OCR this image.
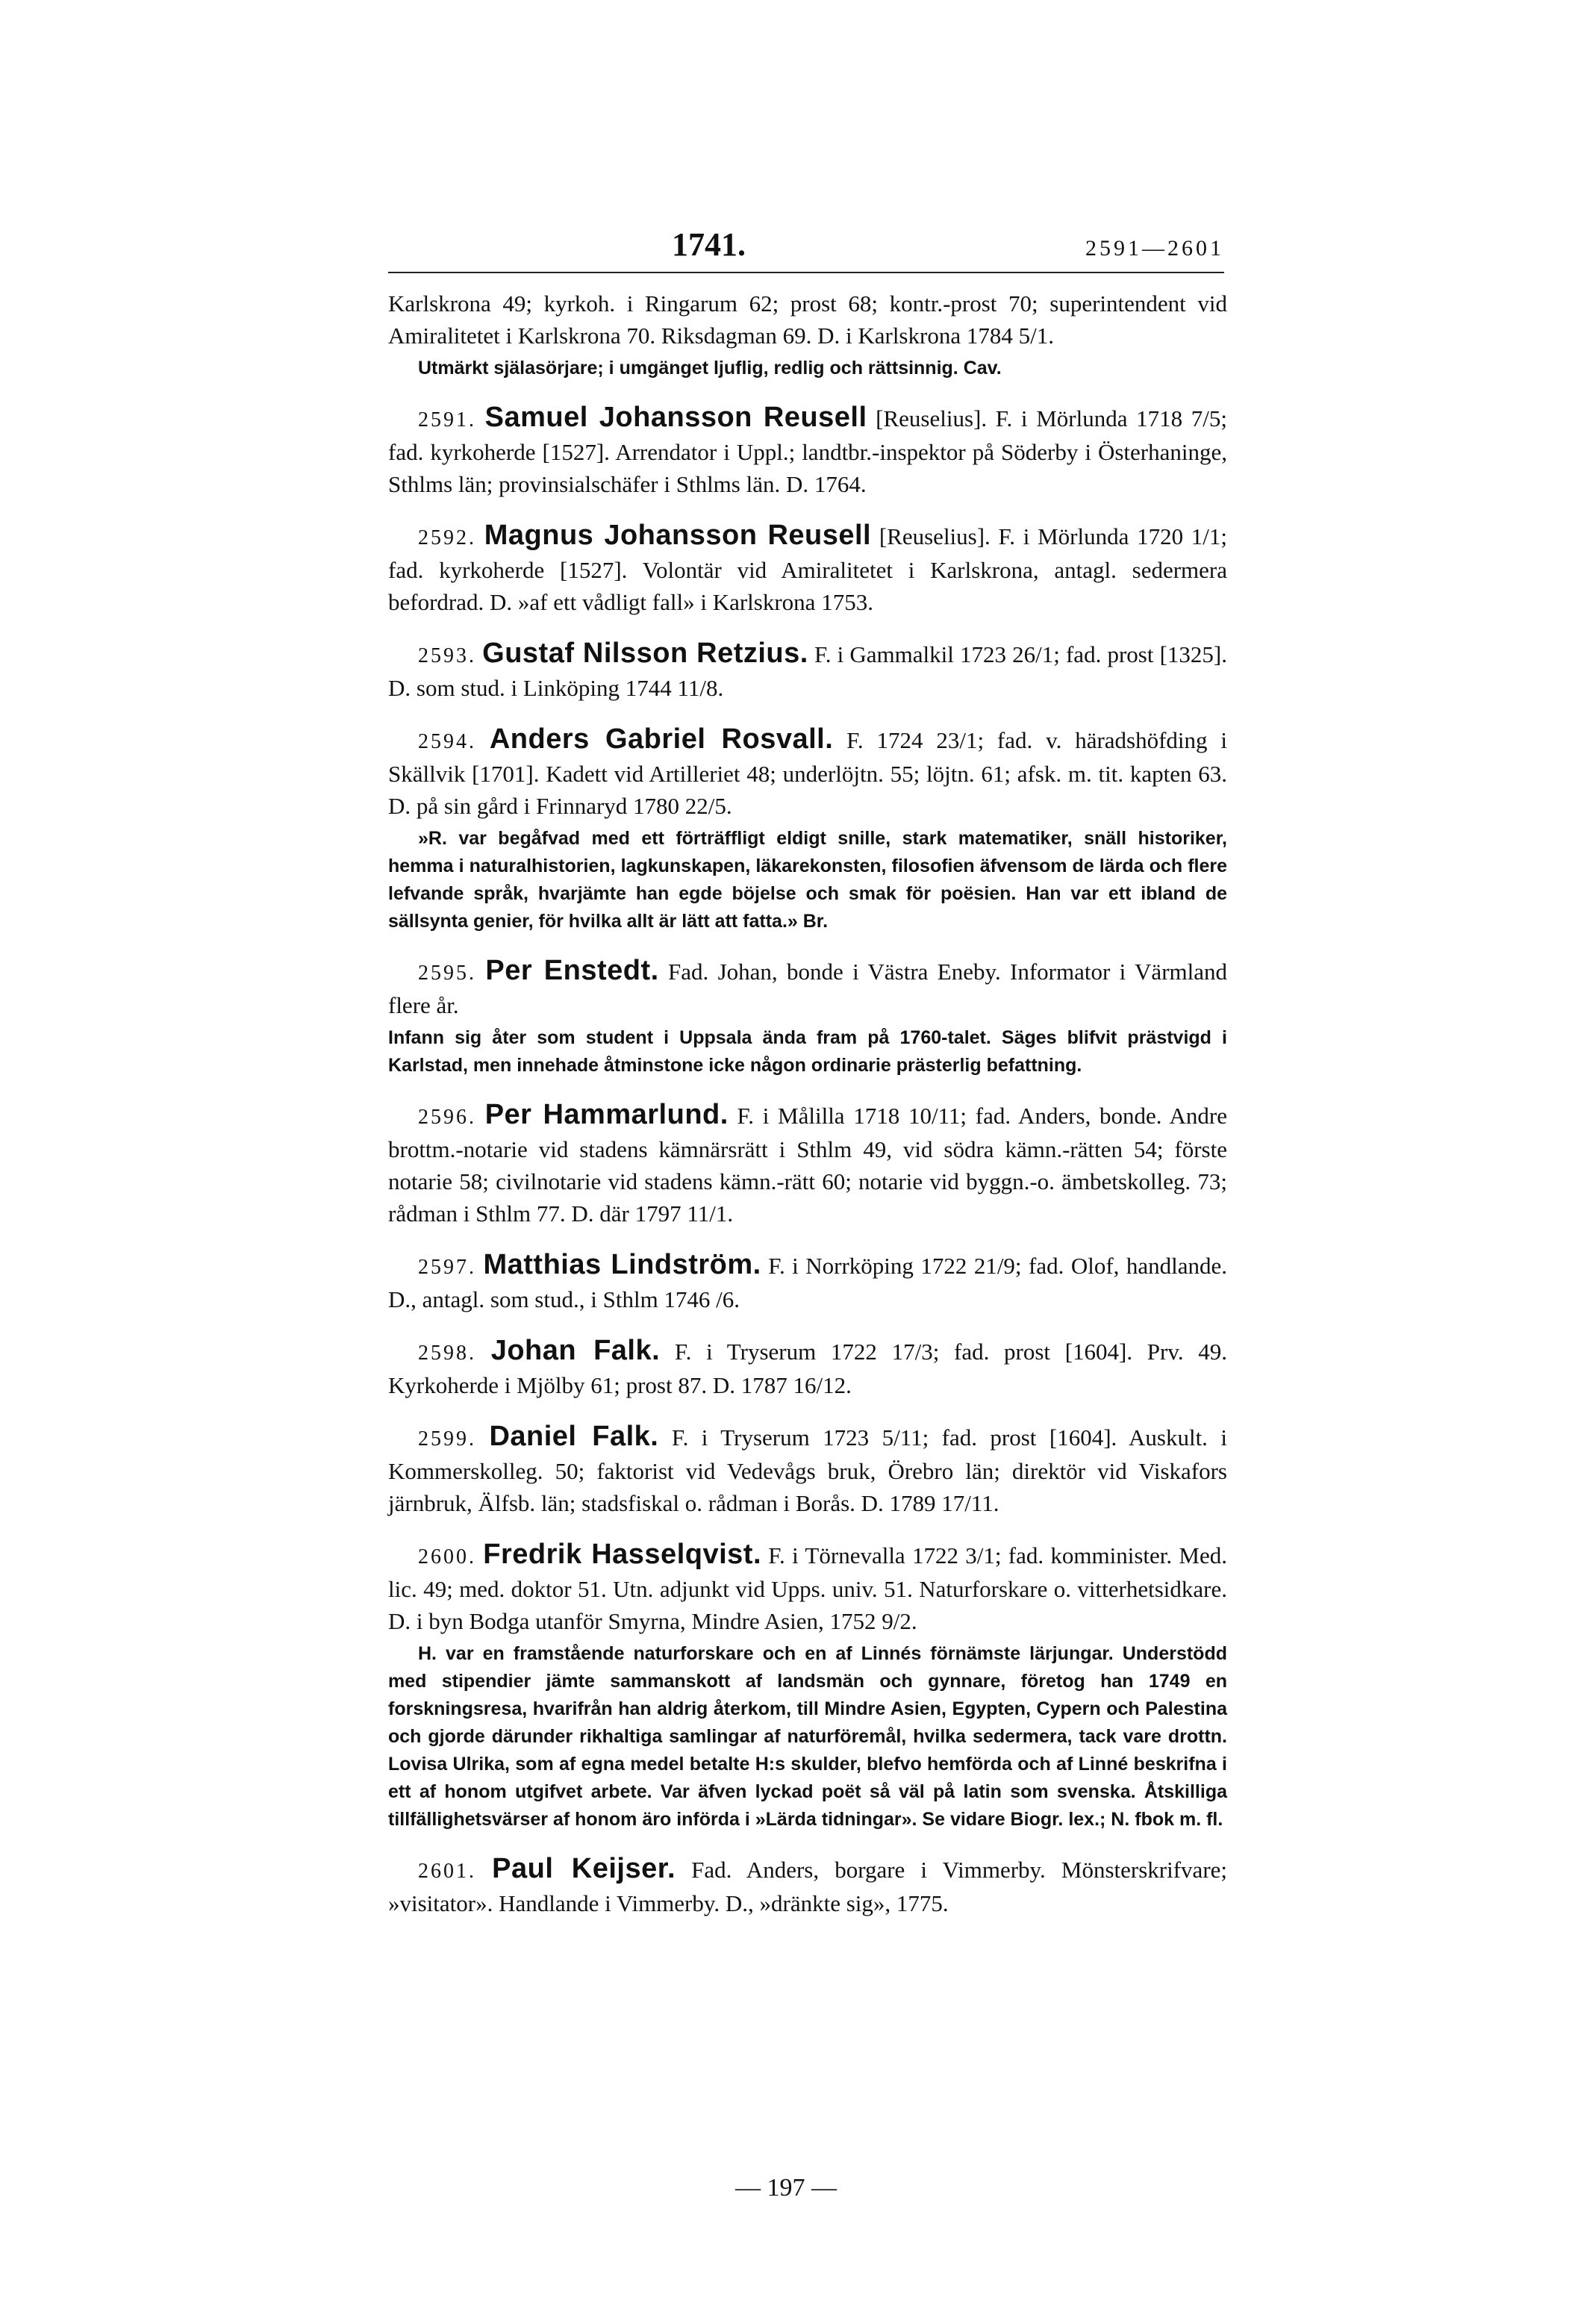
1741.	2591—2601

Karlskrona 49; kyrkoh. i Ringarum 62; prost 68; kontr.-prost 70; superintendent vid Amiralitetet i Karlskrona 70. Riksdagman 69. D. i Karlskrona 1784 5/1.

Utmärkt själasörjare; i umgänget ljuflig, redlig och rättsinnig. Cav.

2591. Samuel Johansson Reusell [Reuselius]. F. i Mörlunda 1718 7/5; fad. kyrkoherde [1527]. Arrendator i Uppl.; landtbr.-inspektor på Söderby i Österhaninge, Sthlms län; provinsialschäfer i Sthlms län. D. 1764.

2592. Magnus Johansson Reusell [Reuselius]. F. i Mörlunda 1720 1/1; fad. kyrkoherde [1527]. Volontär vid Amiralitetet i Karlskrona, antagl. sedermera befordrad. D. »af ett vådligt fall» i Karlskrona 1753.

2593. Gustaf Nilsson Retzius. F. i Gammalkil 1723 26/1; fad. prost [1325]. D. som stud. i Linköping 1744 11/8.

2594. Anders Gabriel Rosvall. F. 1724 23/1; fad. v. häradshöfding i Skällvik [1701]. Kadett vid Artilleriet 48; underlöjtn. 55; löjtn. 61; afsk. m. tit. kapten 63. D. på sin gård i Frinnaryd 1780 22/5.

»R. var begåfvad med ett förträffligt eldigt snille, stark matematiker, snäll historiker, hemma i naturalhistorien, lagkunskapen, läkarekonsten, filosofien äfvensom de lärda och flere lefvande språk, hvarjämte han egde böjelse och smak för poësien. Han var ett ibland de sällsynta genier, för hvilka allt är lätt att fatta.» Br.

2595. Per Enstedt. Fad. Johan, bonde i Västra Eneby. Informator i Värmland flere år.

Infann sig åter som student i Uppsala ända fram på 1760-talet. Säges blifvit prästvigd i Karlstad, men innehade åtminstone icke någon ordinarie prästerlig befattning.

2596. Per Hammarlund. F. i Målilla 1718 10/11; fad. Anders, bonde. Andre brottm.-notarie vid stadens kämnärsrätt i Sthlm 49, vid södra kämn.-rätten 54; förste notarie 58; civilnotarie vid stadens kämn.-rätt 60; notarie vid byggn.-o. ämbetskolleg. 73; rådman i Sthlm 77. D. där 1797 11/1.

2597. Matthias Lindström. F. i Norrköping 1722 21/9; fad. Olof, handlande. D., antagl. som stud., i Sthlm 1746 /6.

2598. Johan Falk. F. i Tryserum 1722 17/3; fad. prost [1604]. Prv. 49. Kyrkoherde i Mjölby 61; prost 87. D. 1787 16/12.

2599. Daniel Falk. F. i Tryserum 1723 5/11; fad. prost [1604]. Auskult. i Kommerskolleg. 50; faktorist vid Vedevågs bruk, Örebro län; direktör vid Viskafors järnbruk, Älfsb. län; stadsfiskal o. rådman i Borås. D. 1789 17/11.

2600. Fredrik Hasselqvist. F. i Törnevalla 1722 3/1; fad. komminister. Med. lic. 49; med. doktor 51. Utn. adjunkt vid Upps. univ. 51. Naturforskare o. vitterhetsidkare. D. i byn Bodga utanför Smyrna, Mindre Asien, 1752 9/2.

H. var en framstående naturforskare och en af Linnés förnämste lärjungar. Understödd med stipendier jämte sammanskott af landsmän och gynnare, företog han 1749 en forskningsresa, hvarifrån han aldrig återkom, till Mindre Asien, Egypten, Cypern och Palestina och gjorde därunder rikhaltiga samlingar af naturföremål, hvilka sedermera, tack vare drottn. Lovisa Ulrika, som af egna medel betalte H:s skulder, blefvo hemförda och af Linné beskrifna i ett af honom utgifvet arbete. Var äfven lyckad poët så väl på latin som svenska. Åtskilliga tillfällighetsvärser af honom äro införda i »Lärda tidningar». Se vidare Biogr. lex.; N. fbok m. fl.

2601. Paul Keijser. Fad. Anders, borgare i Vimmerby. Mönsterskrifvare; »visitator». Handlande i Vimmerby. D., »dränkte sig», 1775.

— 197 —
